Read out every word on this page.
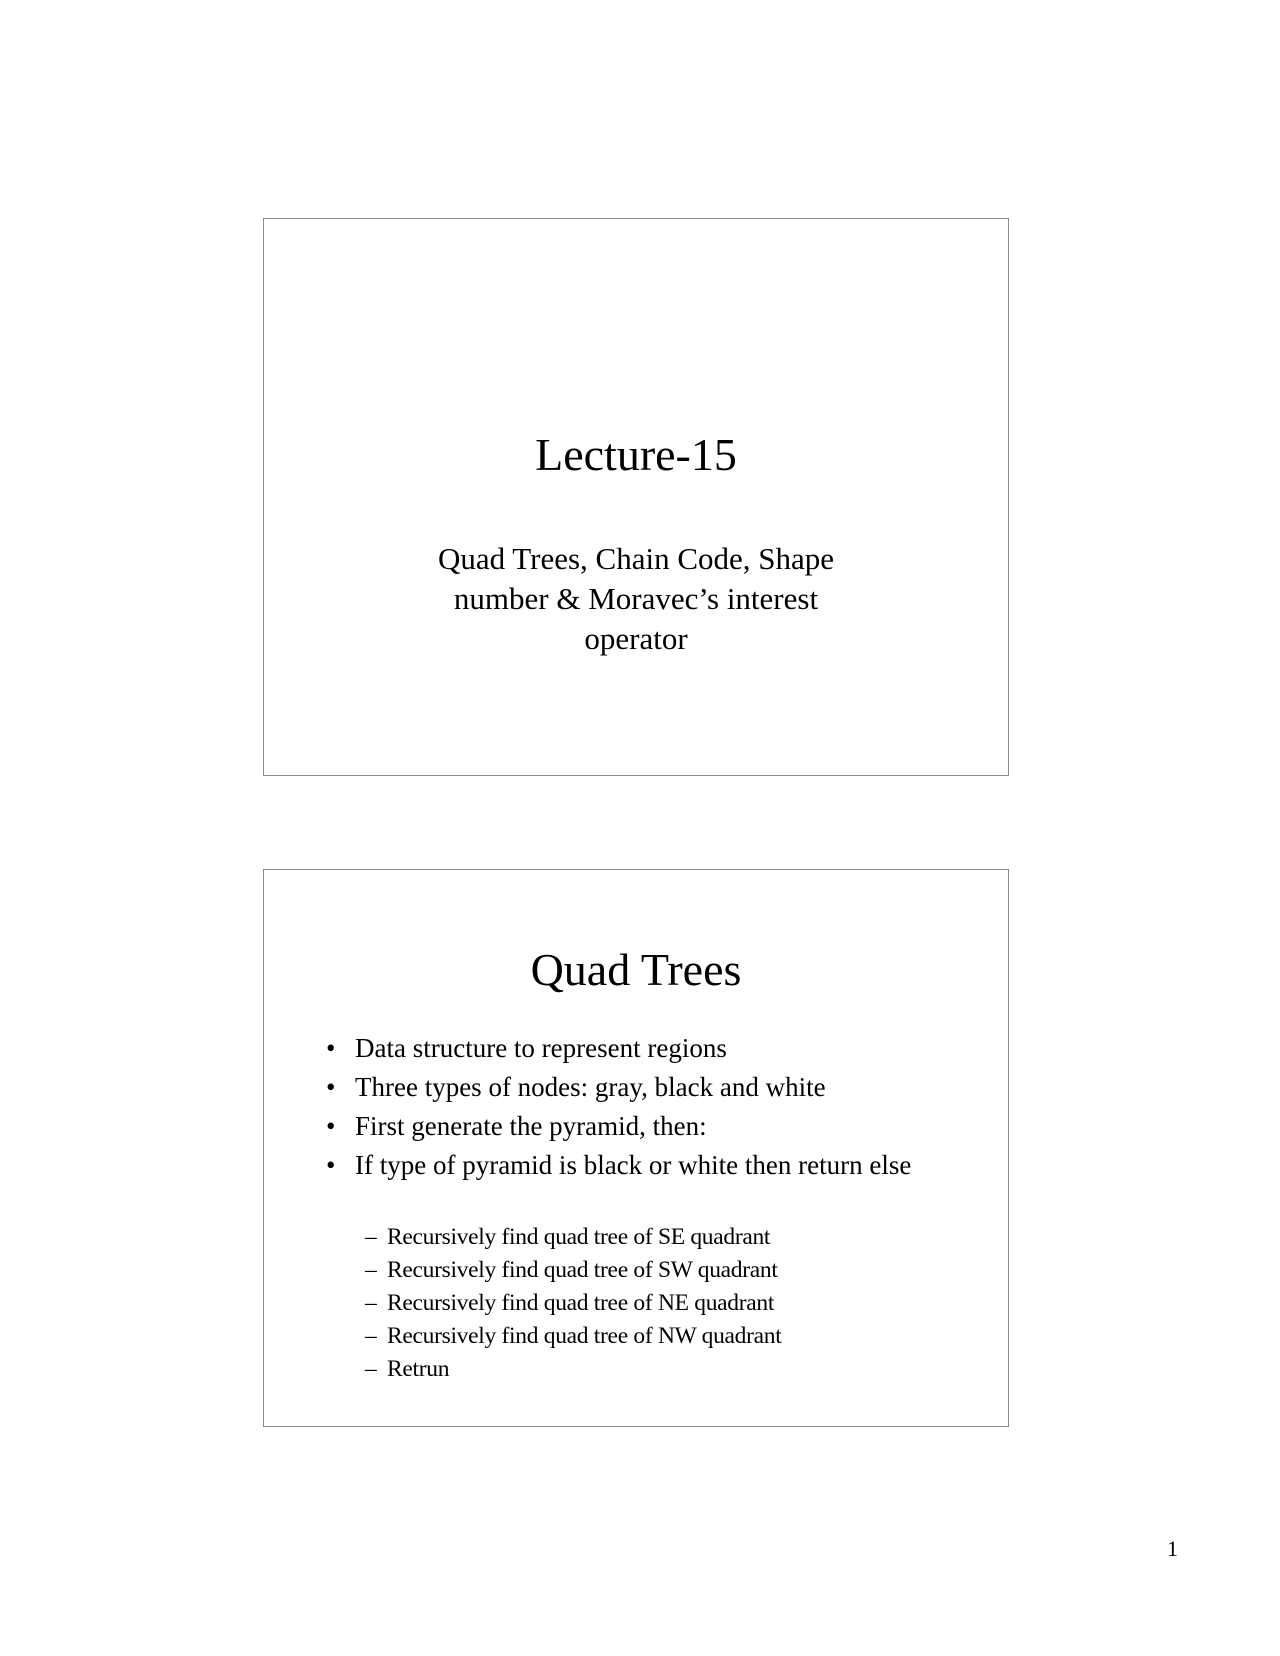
Lecture-15
Quad Trees, Chain Code, Shape
number & Moravec’s interest
operator
Quad Trees
• Data structure to represent regions
• Three types of nodes: gray, black and white
• First generate the pyramid, then:
• If type of pyramid is black or white then return else
– Recursively find quad tree of SE quadrant
– Recursively find quad tree of SW quadrant
– Recursively find quad tree of NE quadrant
– Recursively find quad tree of NW quadrant
– Retrun
1
